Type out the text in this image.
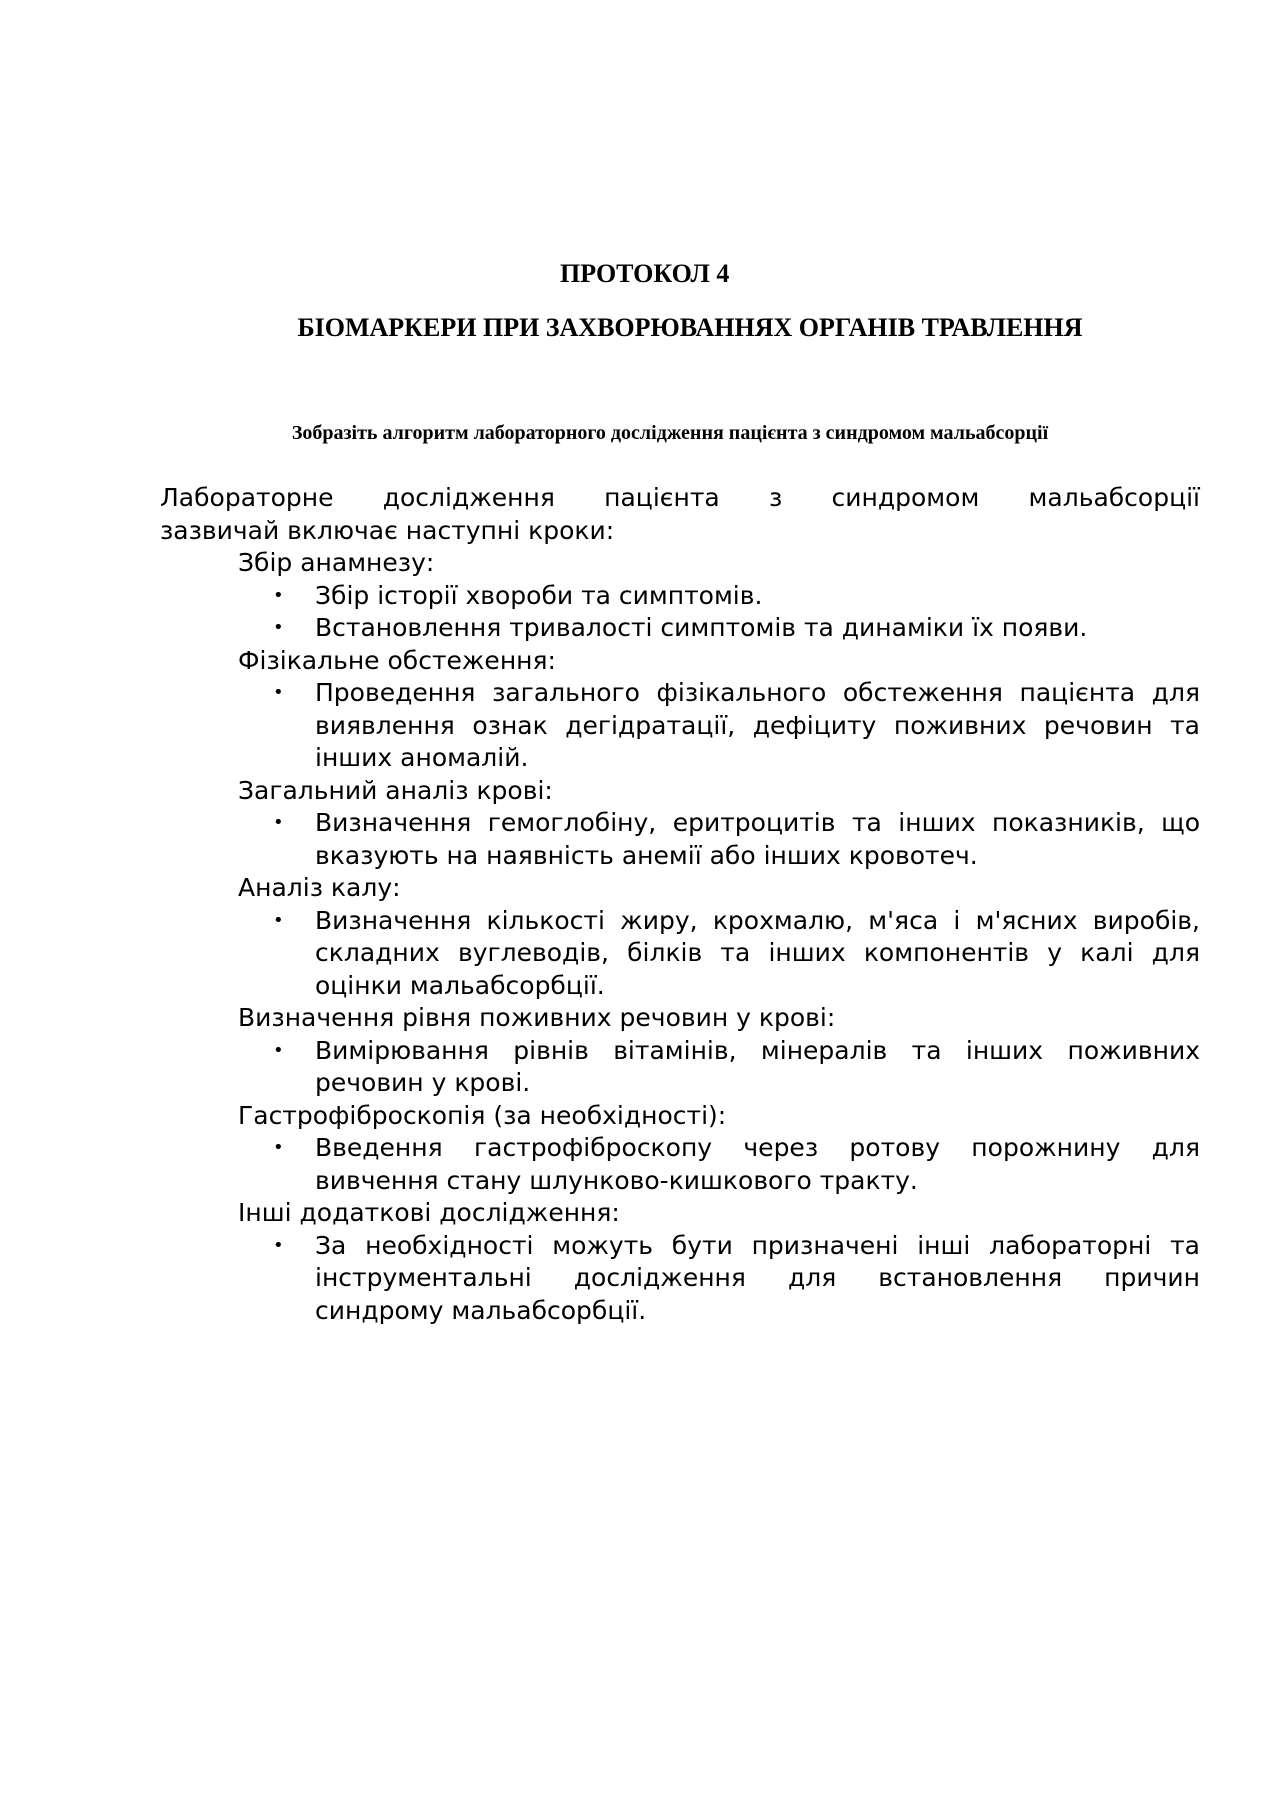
ПРОТОКОЛ 4
БІОМАРКЕРИ ПРИ ЗАХВОРЮВАННЯХ ОРГАНІВ ТРАВЛЕННЯ
Зобразіть алгоритм лабораторного дослідження пацієнта з синдромом мальабсорції

Лабораторне дослідження пацієнта з синдромом мальабсорції
зазвичай включає наступні кроки:

Збір анамнезу:
• Збір історії хвороби та симптомів.
• Встановлення тривалості симптомів та динаміки їх появи.
Фізікальне обстеження:
• Проведення загального фізікального обстеження пацієнта для виявлення ознак дегідратації, дефіциту поживних речовин та інших аномалій.
Загальний аналіз крові:
• Визначення гемоглобіну, еритроцитів та інших показників, що вказують на наявність анемії або інших кровотеч.
Аналіз калу:
• Визначення кількості жиру, крохмалю, м'яса і м'ясних виробів, складних вуглеводів, білків та інших компонентів у калі для оцінки мальабсорбції.
Визначення рівня поживних речовин у крові:
• Вимірювання рівнів вітамінів, мінералів та інших поживних речовин у крові.
Гастрофіброскопія (за необхідності):
• Введення гастрофіброскопу через ротову порожнину для вивчення стану шлунково-кишкового тракту.
Інші додаткові дослідження:
• За необхідності можуть бути призначені інші лабораторні та інструментальні дослідження для встановлення причин синдрому мальабсорбції.
